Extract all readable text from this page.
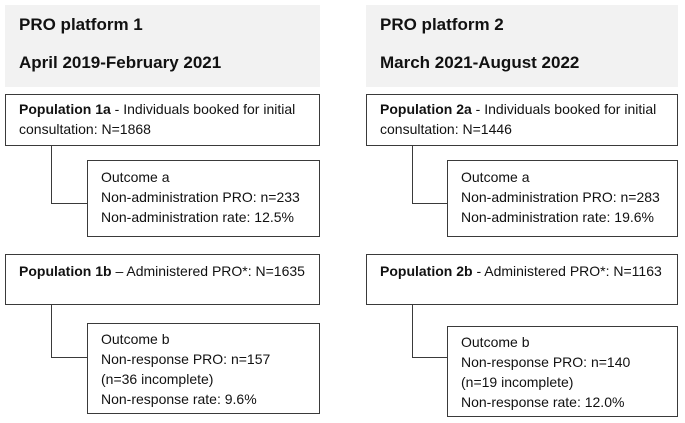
PRO platform 1
April 2019-February 2021
Population 1a - Individuals booked for initial
consultation: N=1868
Outcome a
Non-administration PRO: n=233
Non-administration rate: 12.5%
Population 1b – Administered PRO*: N=1635
Outcome b
Non-response PRO: n=157
(n=36 incomplete)
Non-response rate: 9.6%
PRO platform 2
March 2021-August 2022
Population 2a - Individuals booked for initial
consultation: N=1446
Outcome a
Non-administration PRO: n=283
Non-administration rate: 19.6%
Population 2b - Administered PRO*: N=1163
Outcome b
Non-response PRO: n=140
(n=19 incomplete)
Non-response rate: 12.0%
